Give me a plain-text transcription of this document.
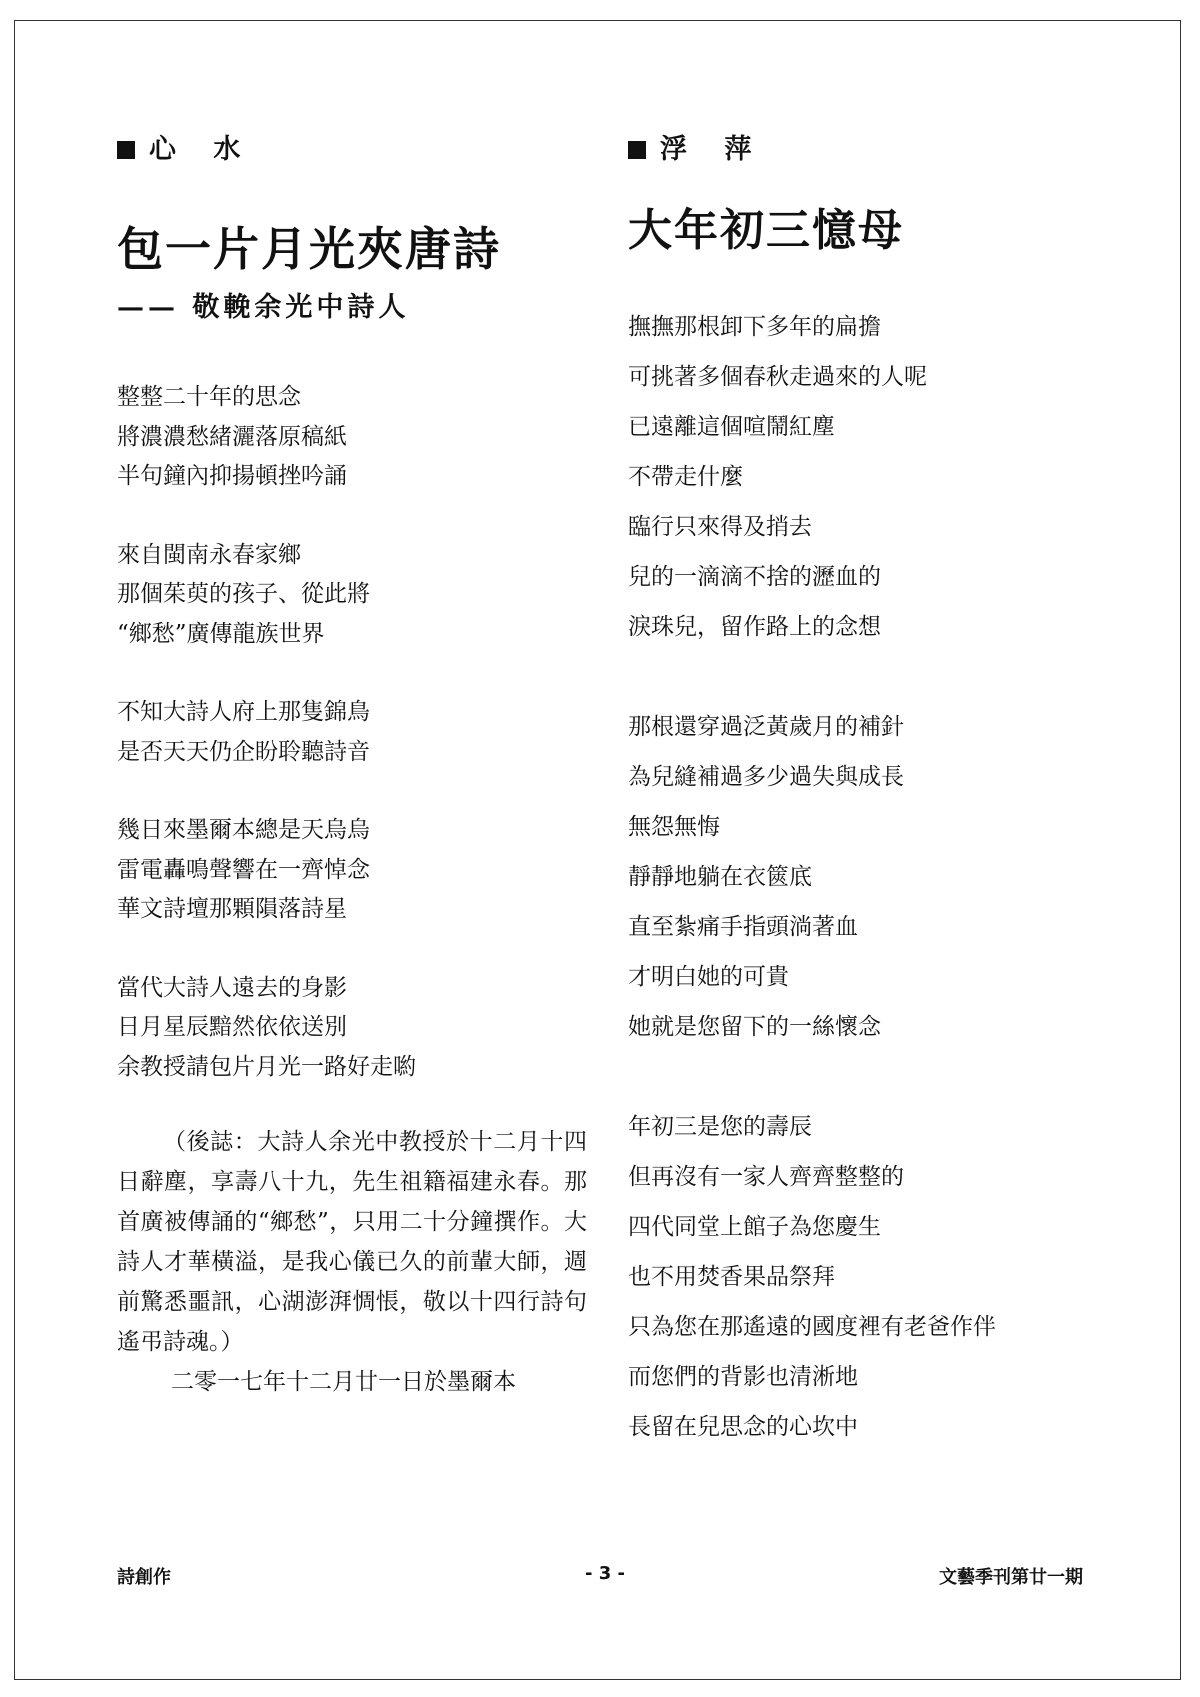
心 水
包一片月光夾唐詩
—— 敬輓余光中詩人
整整二十年的思念
將濃濃愁緒灑落原稿紙
半句鐘內抑揚頓挫吟誦
來自閩南永春家鄉
那個茱萸的孩子、從此將
“鄉愁”廣傳龍族世界
不知大詩人府上那隻錦鳥
是否天天仍企盼聆聽詩音
幾日來墨爾本總是天烏烏
雷電轟鳴聲響在一齊悼念
華文詩壇那顆隕落詩星
當代大詩人遠去的身影
日月星辰黯然依依送別
余教授請包片月光一路好走喲
（後誌：大詩人余光中教授於十二月十四日辭塵，享壽八十九，先生祖籍福建永春。那首廣被傳誦的“鄉愁”，只用二十分鐘撰作。大詩人才華橫溢，是我心儀已久的前輩大師，週前驚悉噩訊，心湖澎湃惆悵，敬以十四行詩句遙弔詩魂。）
二零一七年十二月廿一日於墨爾本
浮 萍
大年初三憶母
撫撫那根卸下多年的扁擔
可挑著多個春秋走過來的人呢
已遠離這個喧鬧紅塵
不帶走什麼
臨行只來得及捎去
兒的一滴滴不捨的瀝血的
淚珠兒，留作路上的念想
那根還穿過泛黃歲月的補針
為兒縫補過多少過失與成長
無怨無悔
靜靜地躺在衣篋底
直至紮痛手指頭淌著血
才明白她的可貴
她就是您留下的一絲懷念
年初三是您的壽辰
但再沒有一家人齊齊整整的
四代同堂上館子為您慶生
也不用焚香果品祭拜
只為您在那遙遠的國度裡有老爸作伴
而您們的背影也清淅地
長留在兒思念的心坎中
詩創作	- 3 -	文藝季刊第廿一期
